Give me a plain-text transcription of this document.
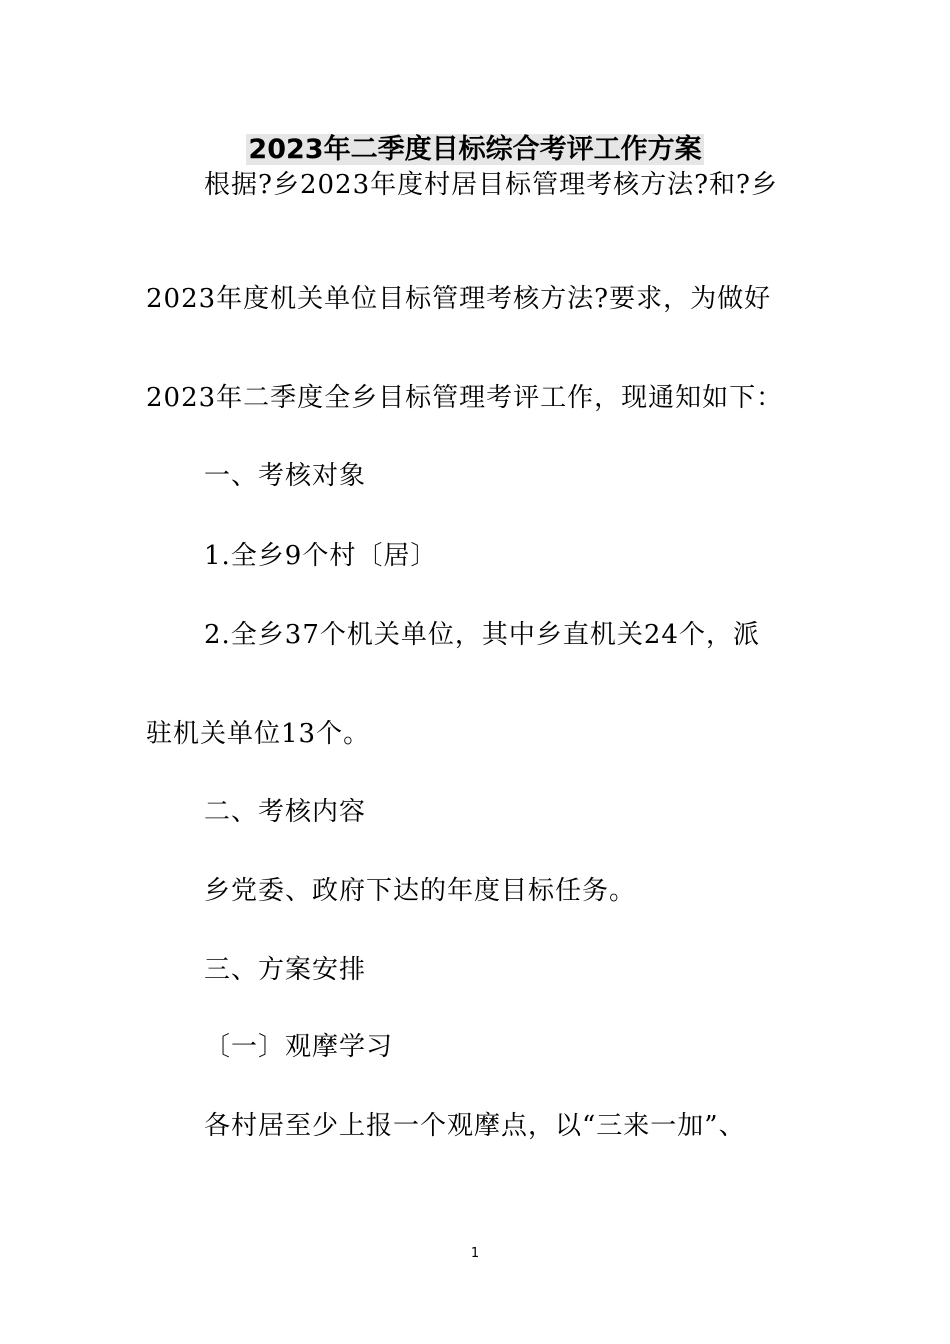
2023年二季度目标综合考评工作方案
根据?乡2023年度村居目标管理考核方法?和?乡
2023年度机关单位目标管理考核方法?要求，为做好
2023年二季度全乡目标管理考评工作，现通知如下：
一、考核对象
1.全乡9个村〔居〕
2.全乡37个机关单位，其中乡直机关24个，派
驻机关单位13个。
二、考核内容
乡党委、政府下达的年度目标任务。
三、方案安排
〔一〕观摩学习
各村居至少上报一个观摩点，以“三来一加”、
1
